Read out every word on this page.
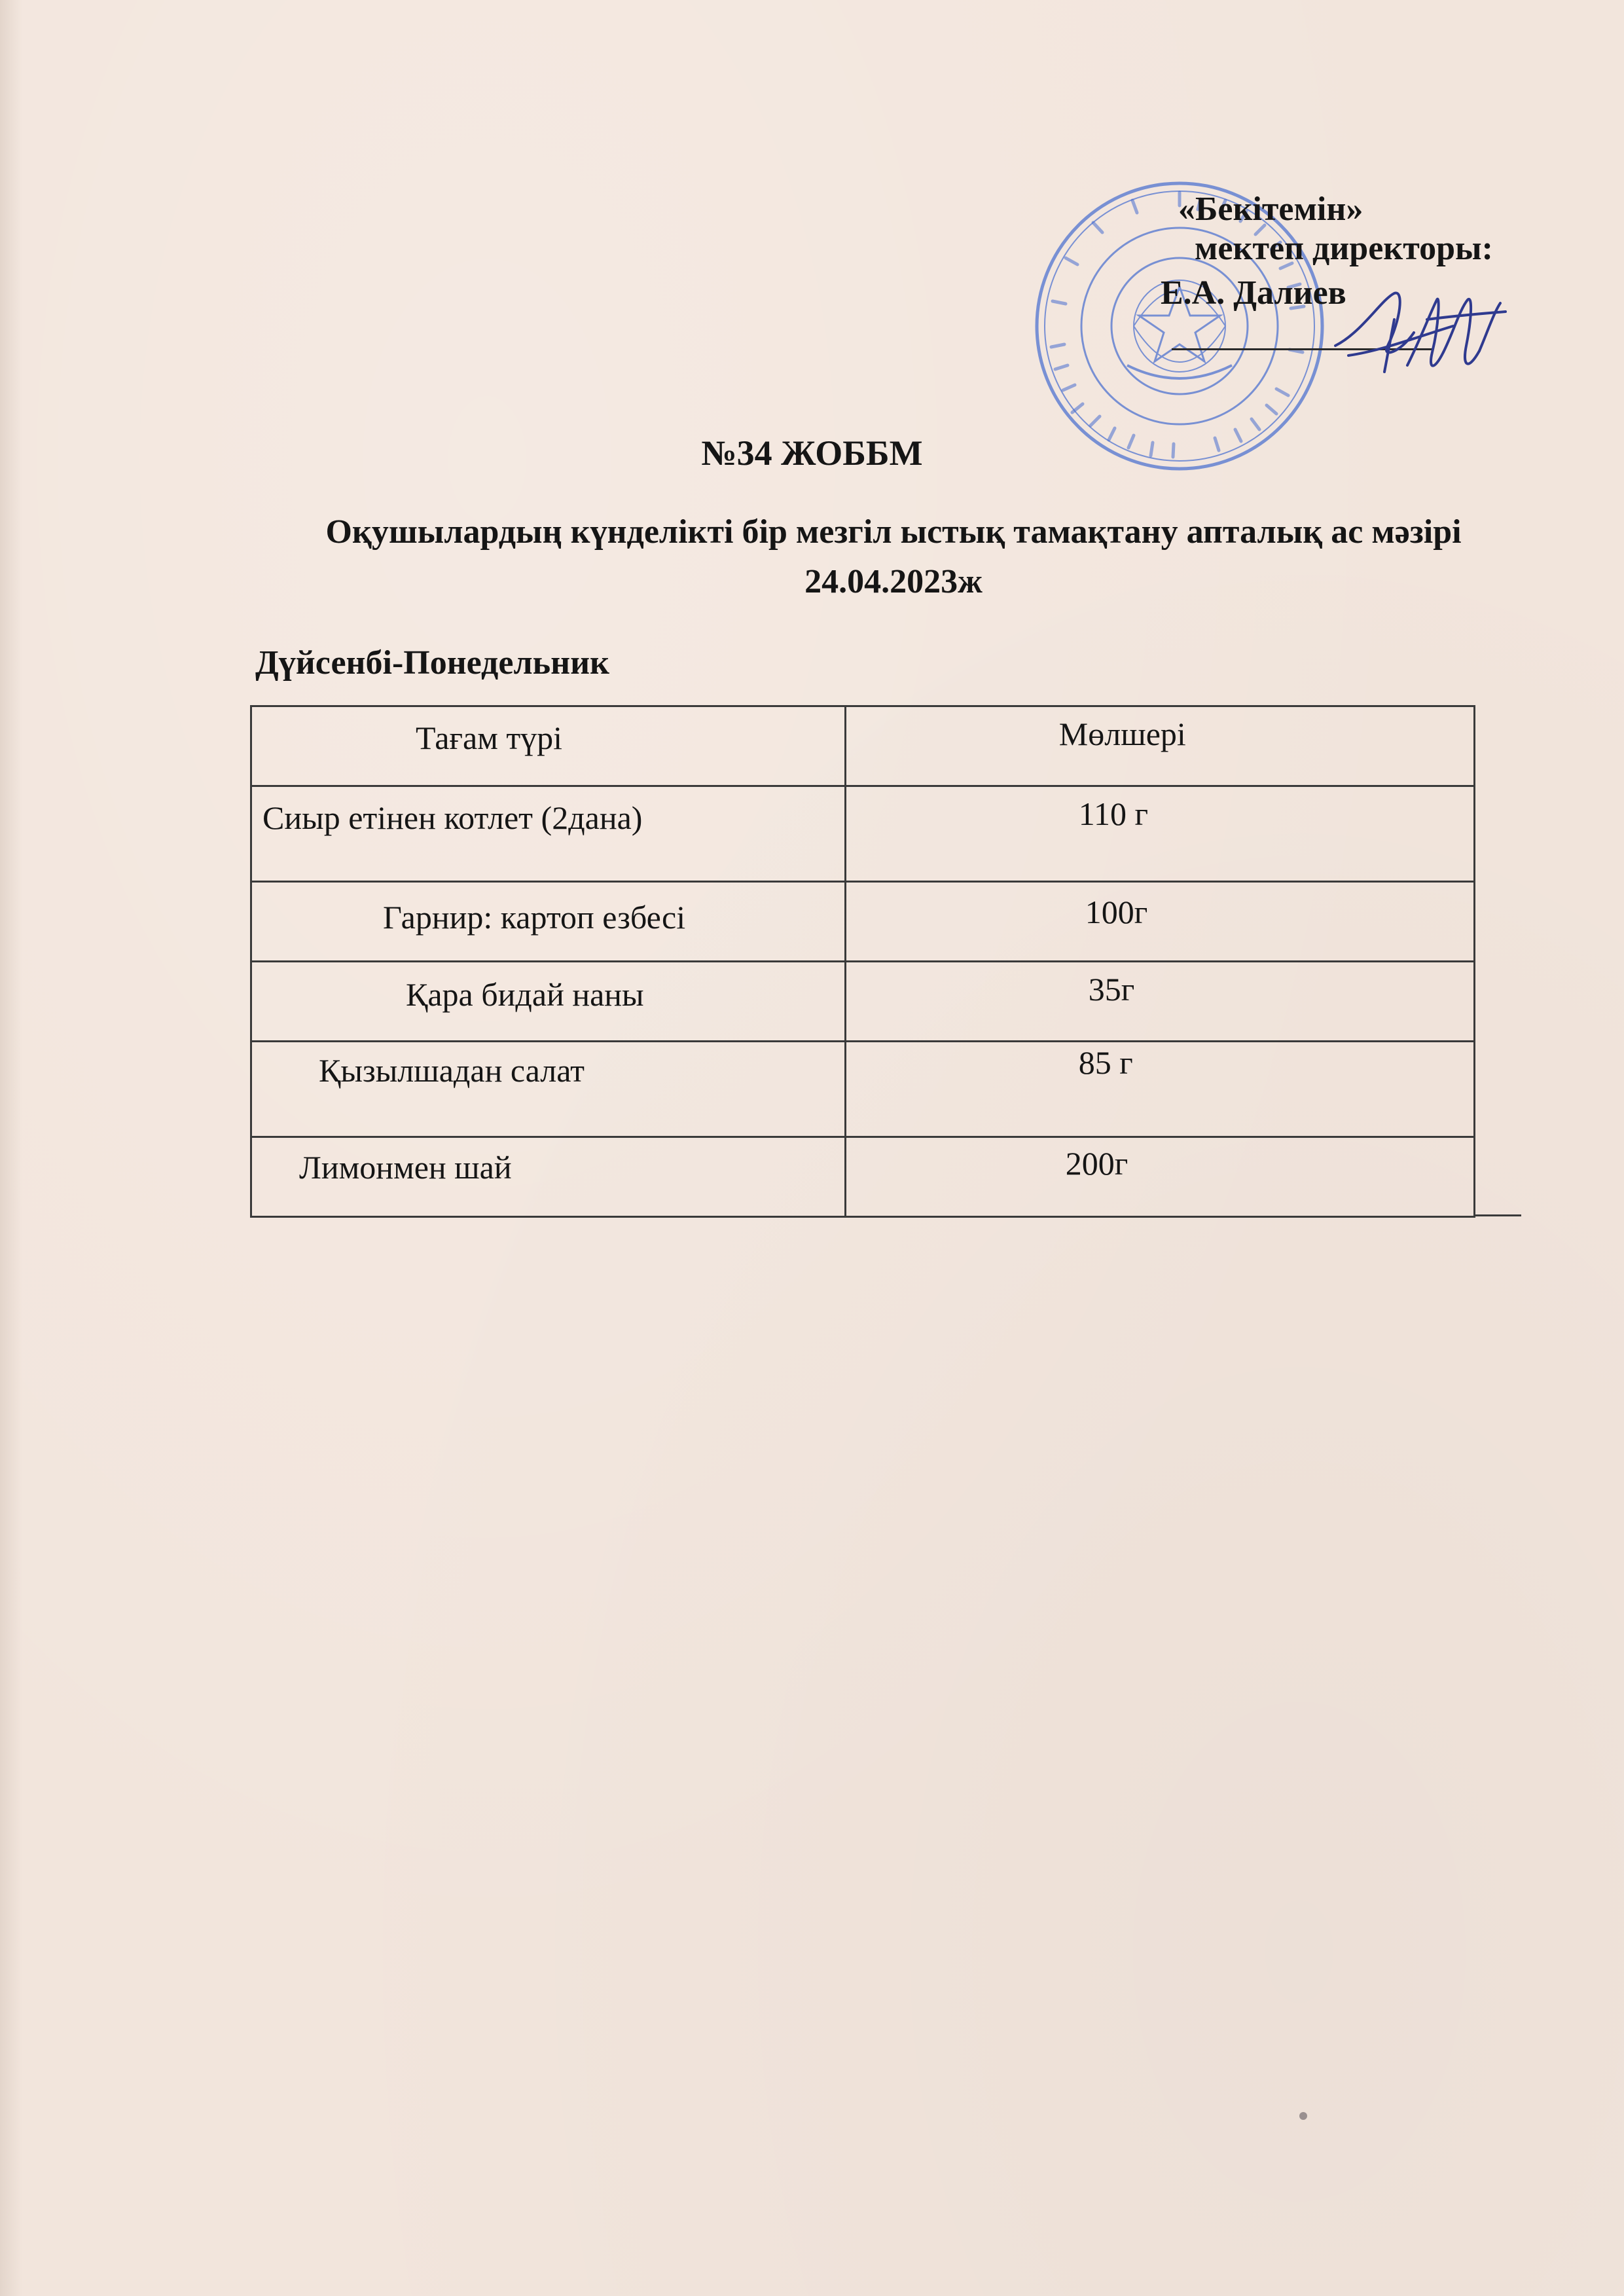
«Бекітемін»
мектеп директоры:
Е.А. Далиев
№34 ЖОББМ
Оқушылардың күнделікті бір мезгіл ыстық тамақтану апталық ас мәзірі
24.04.2023ж
Дүйсенбі-Понедельник
Тағам түрі	Мөлшері

Сиыр етінен котлет (2дана)	110 г

Гарнир: картоп езбесі	100г

Қара бидай наны	35г

Қызылшадан салат	85 г

Лимонмен шай	200г
